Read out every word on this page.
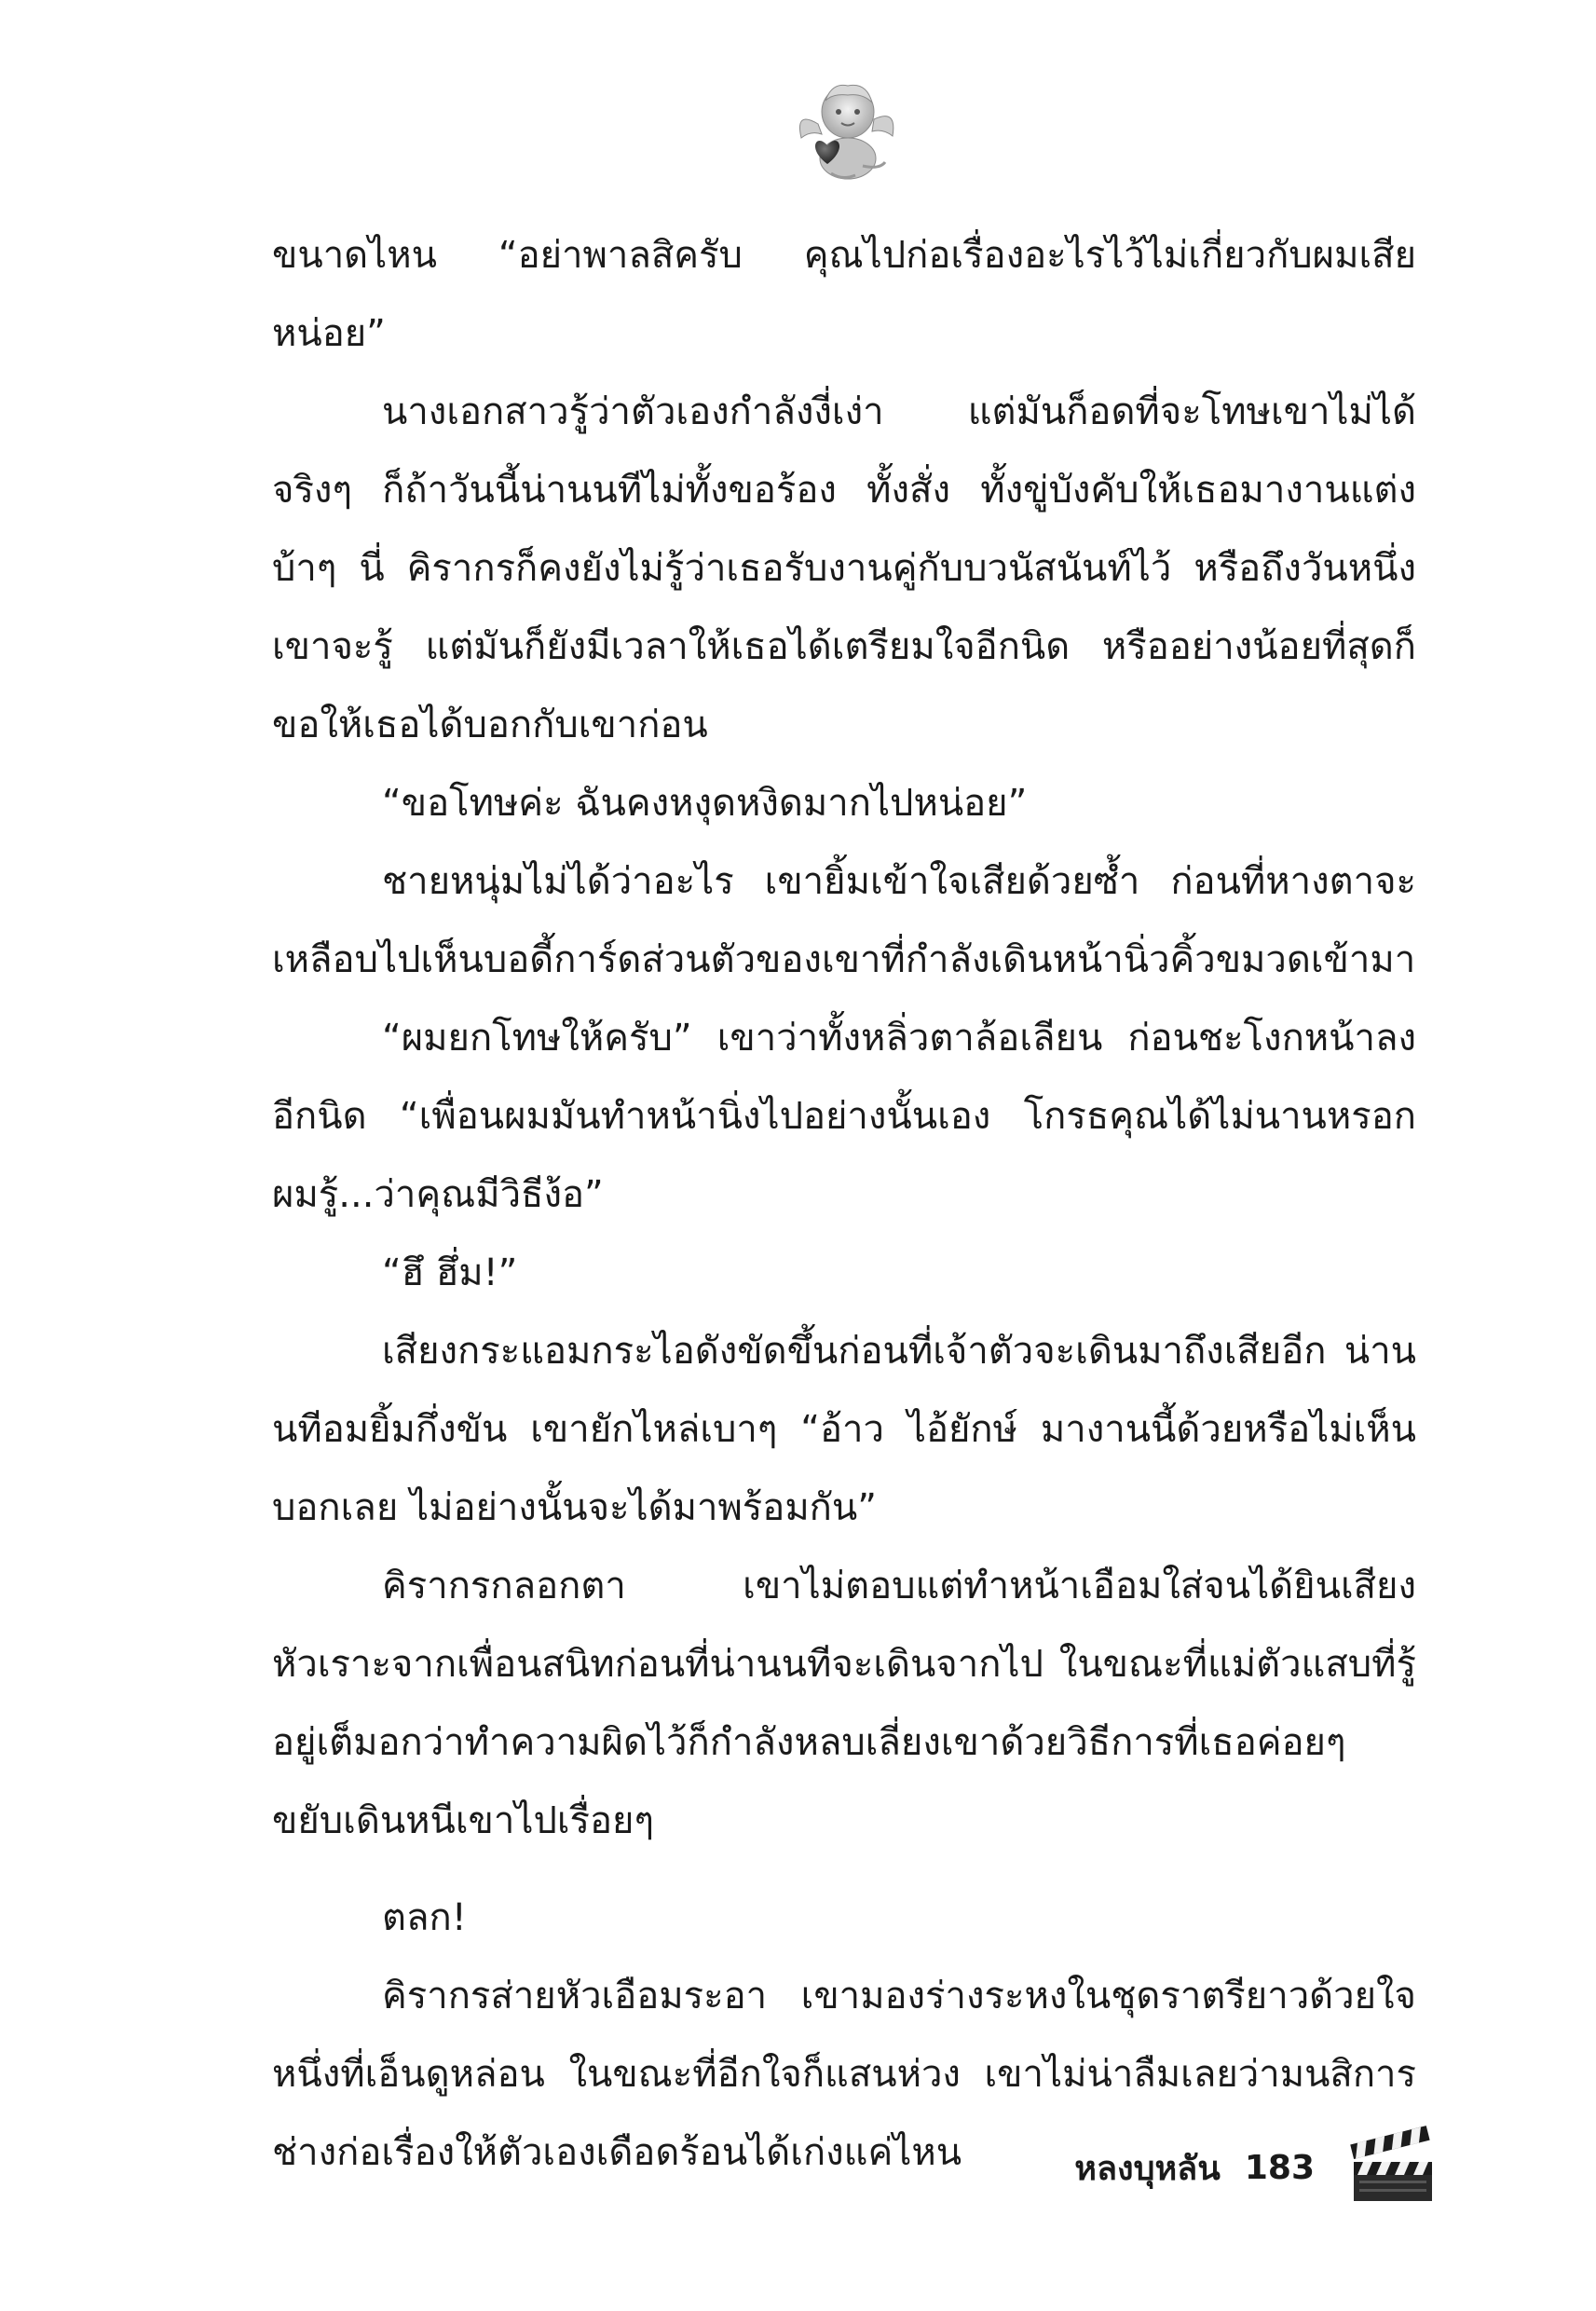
ขนาดไหน “อย่าพาลสิครับ คุณไปก่อเรื่องอะไรไว้ไม่เกี่ยวกับผมเสียหน่อย”

นางเอกสาวรู้ว่าตัวเองกำลังงี่เง่า แต่มันก็อดที่จะโทษเขาไม่ได้จริงๆ ก็ถ้าวันนี้น่านนทีไม่ทั้งขอร้อง ทั้งสั่ง ทั้งขู่บังคับให้เธอมางานแต่งบ้าๆ นี่ คิรากรก็คงยังไม่รู้ว่าเธอรับงานคู่กับบวนัสนันท์ไว้ หรือถึงวันหนึ่งเขาจะรู้ แต่มันก็ยังมีเวลาให้เธอได้เตรียมใจอีกนิด หรืออย่างน้อยที่สุดก็ขอให้เธอได้บอกกับเขาก่อน

“ขอโทษค่ะ ฉันคงหงุดหงิดมากไปหน่อย”

ชายหนุ่มไม่ได้ว่าอะไร เขายิ้มเข้าใจเสียด้วยซ้ำ ก่อนที่หางตาจะเหลือบไปเห็นบอดี้การ์ดส่วนตัวของเขาที่กำลังเดินหน้านิ่วคิ้วขมวดเข้ามา

“ผมยกโทษให้ครับ” เขาว่าทั้งหลิ่วตาล้อเลียน ก่อนชะโงกหน้าลงอีกนิด “เพื่อนผมมันทำหน้านิ่งไปอย่างนั้นเอง โกรธคุณได้ไม่นานหรอก ผมรู้...ว่าคุณมีวิธีง้อ”

“ฮึ ฮึ่ม!”

เสียงกระแอมกระไอดังขัดขึ้นก่อนที่เจ้าตัวจะเดินมาถึงเสียอีก น่านนทีอมยิ้มกึ่งขัน เขายักไหล่เบาๆ “อ้าว ไอ้ยักษ์ มางานนี้ด้วยหรือไม่เห็นบอกเลย ไม่อย่างนั้นจะได้มาพร้อมกัน”

คิรากรกลอกตา เขาไม่ตอบแต่ทำหน้าเอือมใส่จนได้ยินเสียงหัวเราะจากเพื่อนสนิทก่อนที่น่านนทีจะเดินจากไป ในขณะที่แม่ตัวแสบที่รู้อยู่เต็มอกว่าทำความผิดไว้ก็กำลังหลบเลี่ยงเขาด้วยวิธีการที่เธอค่อยๆ ขยับเดินหนีเขาไปเรื่อยๆ

ตลก!

คิรากรส่ายหัวเอือมระอา เขามองร่างระหงในชุดราตรียาวด้วยใจหนึ่งที่เอ็นดูหล่อน ในขณะที่อีกใจก็แสนห่วง เขาไม่น่าลืมเลยว่ามนสิการช่างก่อเรื่องให้ตัวเองเดือดร้อนได้เก่งแค่ไหน	หลงบุหลัน 183
